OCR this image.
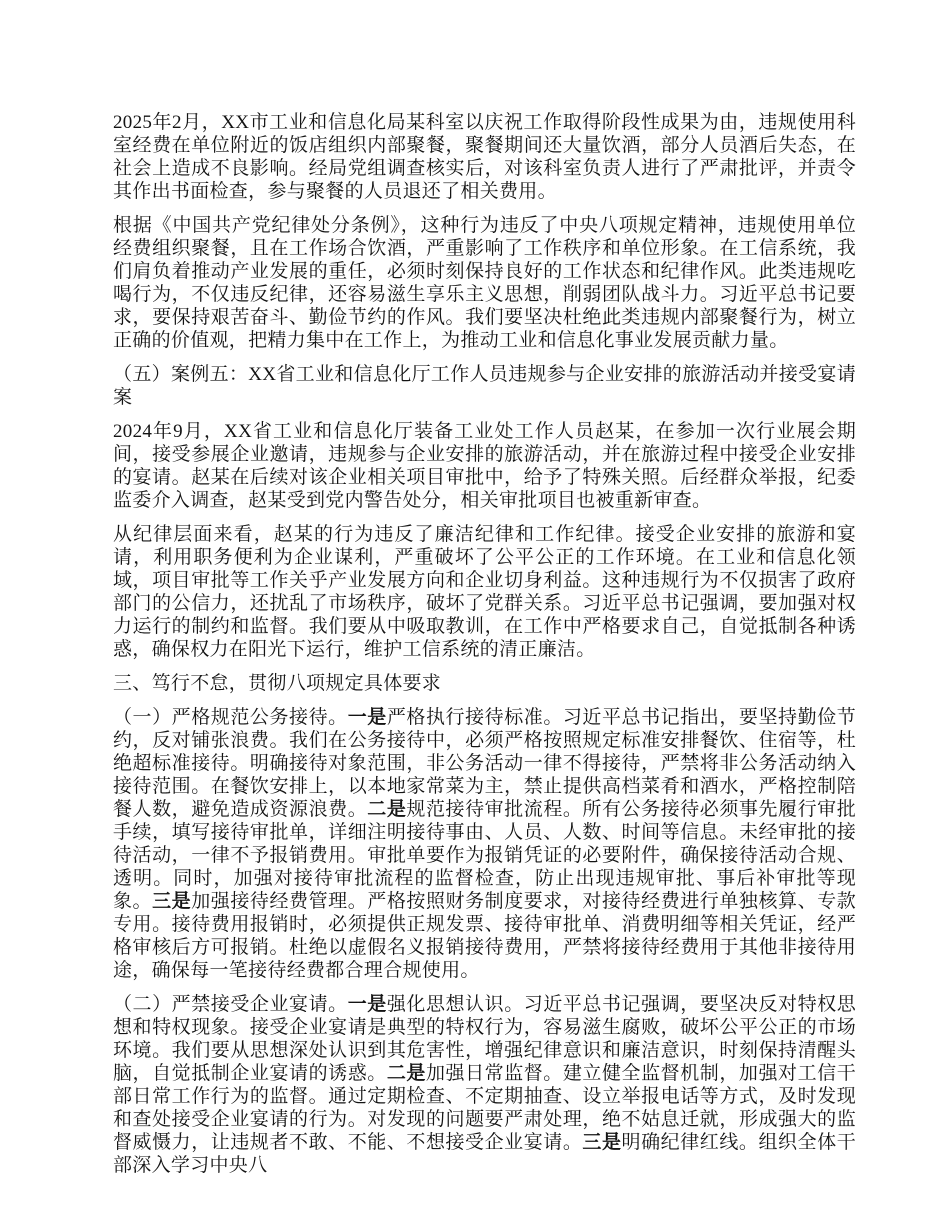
2025年2月，XX市工业和信息化局某科室以庆祝工作取得阶段性成果为由，违规使用科室经费在单位附近的饭店组织内部聚餐，聚餐期间还大量饮酒，部分人员酒后失态，在社会上造成不良影响。经局党组调查核实后，对该科室负责人进行了严肃批评，并责令其作出书面检查，参与聚餐的人员退还了相关费用。

根据《中国共产党纪律处分条例》，这种行为违反了中央八项规定精神，违规使用单位经费组织聚餐，且在工作场合饮酒，严重影响了工作秩序和单位形象。在工信系统，我们肩负着推动产业发展的重任，必须时刻保持良好的工作状态和纪律作风。此类违规吃喝行为，不仅违反纪律，还容易滋生享乐主义思想，削弱团队战斗力。习近平总书记要求，要保持艰苦奋斗、勤俭节约的作风。我们要坚决杜绝此类违规内部聚餐行为，树立正确的价值观，把精力集中在工作上，为推动工业和信息化事业发展贡献力量。

（五）案例五：XX省工业和信息化厅工作人员违规参与企业安排的旅游活动并接受宴请案

2024年9月，XX省工业和信息化厅装备工业处工作人员赵某，在参加一次行业展会期间，接受参展企业邀请，违规参与企业安排的旅游活动，并在旅游过程中接受企业安排的宴请。赵某在后续对该企业相关项目审批中，给予了特殊关照。后经群众举报，纪委监委介入调查，赵某受到党内警告处分，相关审批项目也被重新审查。

从纪律层面来看，赵某的行为违反了廉洁纪律和工作纪律。接受企业安排的旅游和宴请，利用职务便利为企业谋利，严重破坏了公平公正的工作环境。在工业和信息化领域，项目审批等工作关乎产业发展方向和企业切身利益。这种违规行为不仅损害了政府部门的公信力，还扰乱了市场秩序，破坏了党群关系。习近平总书记强调，要加强对权力运行的制约和监督。我们要从中吸取教训，在工作中严格要求自己，自觉抵制各种诱惑，确保权力在阳光下运行，维护工信系统的清正廉洁。

三、笃行不怠，贯彻八项规定具体要求

（一）严格规范公务接待。一是严格执行接待标准。习近平总书记指出，要坚持勤俭节约，反对铺张浪费。我们在公务接待中，必须严格按照规定标准安排餐饮、住宿等，杜绝超标准接待。明确接待对象范围，非公务活动一律不得接待，严禁将非公务活动纳入接待范围。在餐饮安排上，以本地家常菜为主，禁止提供高档菜肴和酒水，严格控制陪餐人数，避免造成资源浪费。二是规范接待审批流程。所有公务接待必须事先履行审批手续，填写接待审批单，详细注明接待事由、人员、人数、时间等信息。未经审批的接待活动，一律不予报销费用。审批单要作为报销凭证的必要附件，确保接待活动合规、透明。同时，加强对接待审批流程的监督检查，防止出现违规审批、事后补审批等现象。三是加强接待经费管理。严格按照财务制度要求，对接待经费进行单独核算、专款专用。接待费用报销时，必须提供正规发票、接待审批单、消费明细等相关凭证，经严格审核后方可报销。杜绝以虚假名义报销接待费用，严禁将接待经费用于其他非接待用途，确保每一笔接待经费都合理合规使用。

（二）严禁接受企业宴请。一是强化思想认识。习近平总书记强调，要坚决反对特权思想和特权现象。接受企业宴请是典型的特权行为，容易滋生腐败，破坏公平公正的市场环境。我们要从思想深处认识到其危害性，增强纪律意识和廉洁意识，时刻保持清醒头脑，自觉抵制企业宴请的诱惑。二是加强日常监督。建立健全监督机制，加强对工信干部日常工作行为的监督。通过定期检查、不定期抽查、设立举报电话等方式，及时发现和查处接受企业宴请的行为。对发现的问题要严肃处理，绝不姑息迁就，形成强大的监督威慑力，让违规者不敢、不能、不想接受企业宴请。三是明确纪律红线。组织全体干部深入学习中央八
